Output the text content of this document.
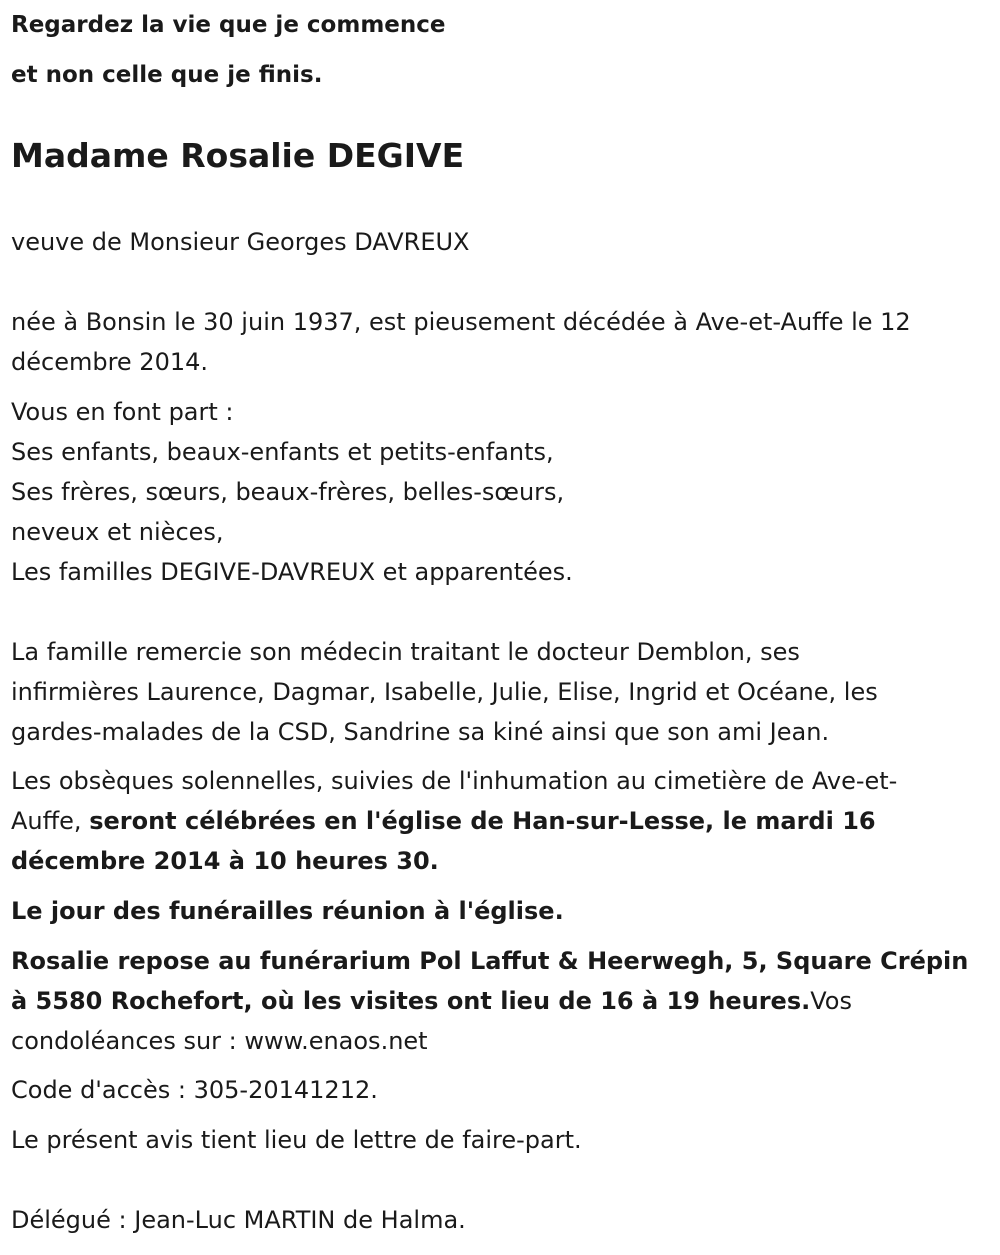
Regardez la vie que je commence
et non celle que je finis.
Madame Rosalie DEGIVE
veuve de Monsieur Georges DAVREUX
née à Bonsin le 30 juin 1937, est pieusement décédée à Ave-et-Auffe le 12
décembre 2014.
Vous en font part :
Ses enfants, beaux-enfants et petits-enfants,
Ses frères, sœurs, beaux-frères, belles-sœurs,
neveux et nièces,
Les familles DEGIVE-DAVREUX et apparentées.
La famille remercie son médecin traitant le docteur Demblon, ses
infirmières Laurence, Dagmar, Isabelle, Julie, Elise, Ingrid et Océane, les
gardes-malades de la CSD, Sandrine sa kiné ainsi que son ami Jean.
Les obsèques solennelles, suivies de l'inhumation au cimetière de Ave-et-
Auffe, seront célébrées en l'église de Han-sur-Lesse, le mardi 16
décembre 2014 à 10 heures 30.
Le jour des funérailles réunion à l'église.
Rosalie repose au funérarium Pol Laffut & Heerwegh, 5, Square Crépin
à 5580 Rochefort, où les visites ont lieu de 16 à 19 heures.Vos
condoléances sur : www.enaos.net
Code d'accès : 305-20141212.
Le présent avis tient lieu de lettre de faire-part.
Délégué : Jean-Luc MARTIN de Halma.
